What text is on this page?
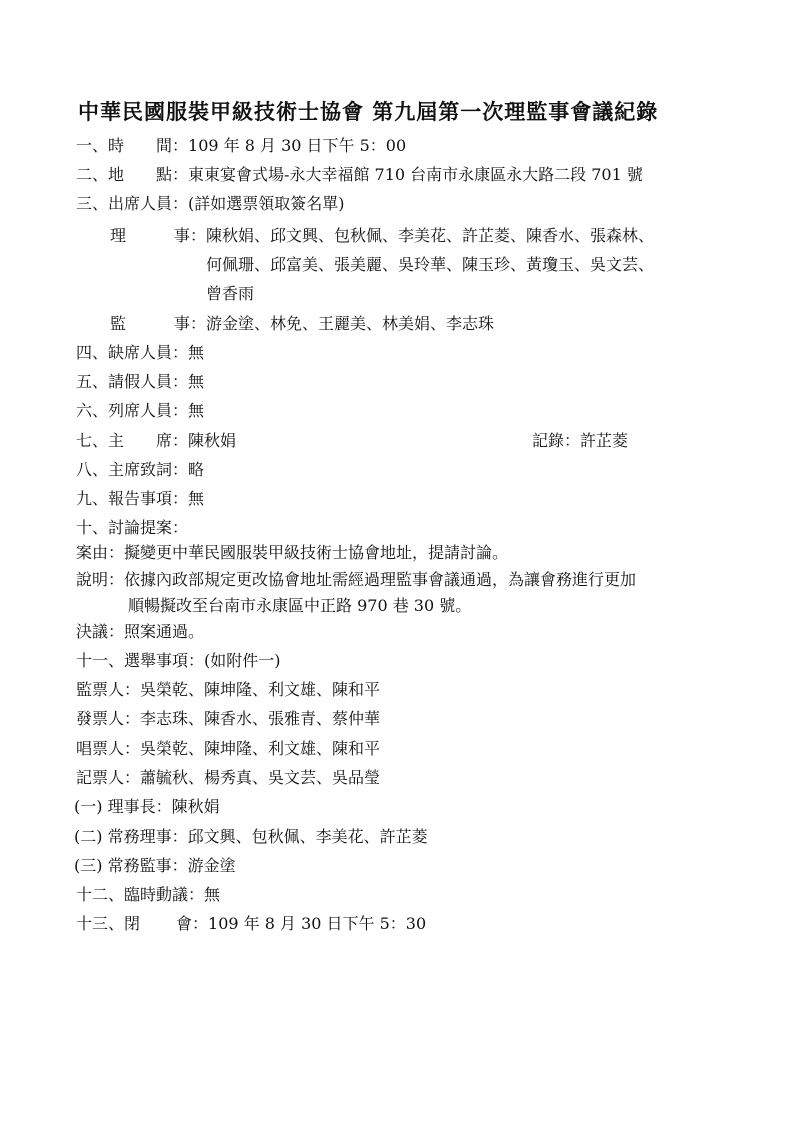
中華民國服裝甲級技術士協會 第九屆第一次理監事會議紀錄
一、時 間：109 年 8 月 30 日下午 5：00
二、地 點：東東宴會式場-永大幸福館 710 台南市永康區永大路二段 701 號
三、出席人員：(詳如選票領取簽名單)
理	事：陳秋娟、邱文興、包秋佩、李美花、許芷菱、陳香水、張森林、
何佩珊、邱富美、張美麗、吳玲華、陳玉珍、黃瓊玉、吳文芸、
曾香雨
監	事：游金塗、林免、王麗美、林美娟、李志珠
四、缺席人員：無
五、請假人員：無
六、列席人員：無
七、主 席：陳秋娟	記錄：許芷菱
八、主席致詞：略
九、報告事項：無
十、討論提案：
案由：擬變更中華民國服裝甲級技術士協會地址，提請討論。
說明：依據內政部規定更改協會地址需經過理監事會議通過，為讓會務進行更加
順暢擬改至台南市永康區中正路 970 巷 30 號。
決議：照案通過。
十一、選舉事項：(如附件一)
監票人：吳榮乾、陳坤隆、利文雄、陳和平
發票人：李志珠、陳香水、張雅青、蔡仲華
唱票人：吳榮乾、陳坤隆、利文雄、陳和平
記票人：蕭毓秋、楊秀真、吳文芸、吳品瑩
(一) 理事長：陳秋娟
(二) 常務理事：邱文興、包秋佩、李美花、許芷菱
(三) 常務監事：游金塗
十二、臨時動議：無
十三、閉 會：109 年 8 月 30 日下午 5：30
